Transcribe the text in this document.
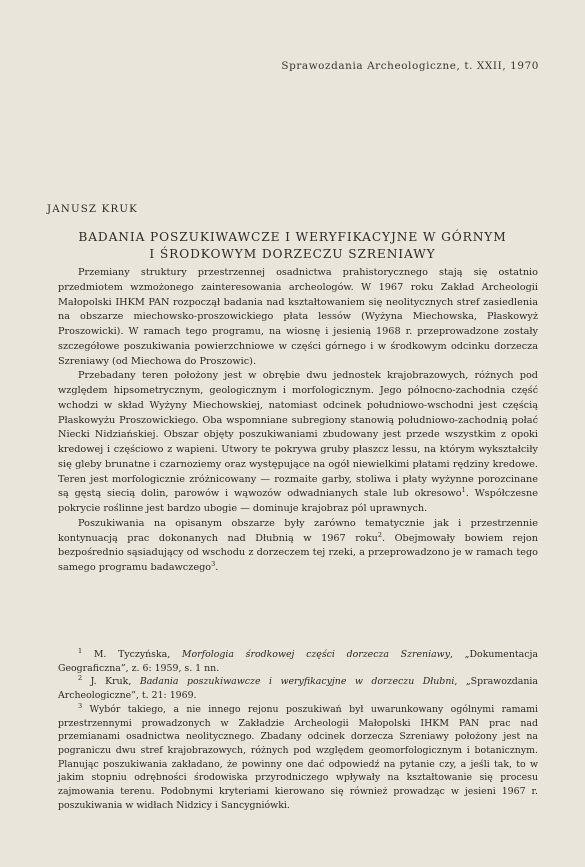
Sprawozdania Archeologiczne, t. XXII, 1970
JANUSZ KRUK
BADANIA POSZUKIWAWCZE I WERYFIKACYJNE W GÓRNYM
I ŚRODKOWYM DORZECZU SZRENIAWY

Przemiany struktury przestrzennej osadnictwa prahistorycznego stają się ostatnio przedmiotem wzmożonego zainteresowania archeologów. W 1967 roku Zakład Archeologii Małopolski IHKM PAN rozpoczął badania nad kształtowaniem się neolitycznych stref zasiedlenia na obszarze miechowsko-proszowickiego płata lessów (Wyżyna Miechowska, Płaskowyż Proszowicki). W ramach tego programu, na wiosnę i jesienią 1968 r. przeprowadzone zostały szczegółowe poszukiwania powierzchniowe w części górnego i w środkowym odcinku dorzecza Szreniawy (od Miechowa do Proszowic).

Przebadany teren położony jest w obrębie dwu jednostek krajobrazowych, różnych pod względem hipsometrycznym, geologicznym i morfologicznym. Jego północno-zachodnia część wchodzi w skład Wyżyny Miechowskiej, natomiast odcinek południowo-wschodni jest częścią Płaskowyżu Proszowickiego. Oba wspomniane subregiony stanowią południowo-zachodnią połać Niecki Nidziańskiej. Obszar objęty poszukiwaniami zbudowany jest przede wszystkim z opoki kredowej i częściowo z wapieni. Utwory te pokrywa gruby płaszcz lessu, na którym wykształciły się gleby brunatne i czarnoziemy oraz występujące na ogół niewielkimi płatami rędziny kredowe. Teren jest morfologicznie zróżnicowany — rozmaite garby, stoliwa i płaty wyżynne porozcinane są gęstą siecią dolin, parowów i wąwozów odwadnianych stale lub okresowo$^1$. Współczesne pokrycie roślinne jest bardzo ubogie — dominuje krajobraz pól uprawnych.

Poszukiwania na opisanym obszarze były zarówno tematycznie jak i przestrzennie kontynuacją prac dokonanych nad Dłubnią w 1967 roku$^2$. Obejmowały bowiem rejon bezpośrednio sąsiadujący od wschodu z dorzeczem tej rzeki, a przeprowadzono je w ramach tego samego programu badawczego$^3$.

$^1$ M. Tyczyńska, Morfologia środkowej części dorzecza Szreniawy, „Dokumentacja Geograficzna”, z. 6: 1959, s. 1 nn.

$^2$ J. Kruk, Badania poszukiwawcze i weryfikacyjne w dorzeczu Dłubni, „Sprawozdania Archeologiczne”, t. 21: 1969.

$^3$ Wybór takiego, a nie innego rejonu poszukiwań był uwarunkowany ogólnymi ramami przestrzennymi prowadzonych w Zakładzie Archeologii Małopolski IHKM PAN prac nad przemianami osadnictwa neolitycznego. Zbadany odcinek dorzecza Szreniawy położony jest na pograniczu dwu stref krajobrazowych, różnych pod względem geomorfologicznym i botanicznym. Planując poszukiwania zakładano, że powinny one dać odpowiedź na pytanie czy, a jeśli tak, to w jakim stopniu odrębności środowiska przyrodniczego wpływały na kształtowanie się procesu zajmowania terenu. Podobnymi kryteriami kierowano się również prowadząc w jesieni 1967 r. poszukiwania w widłach Nidzicy i Sancygniówki.
